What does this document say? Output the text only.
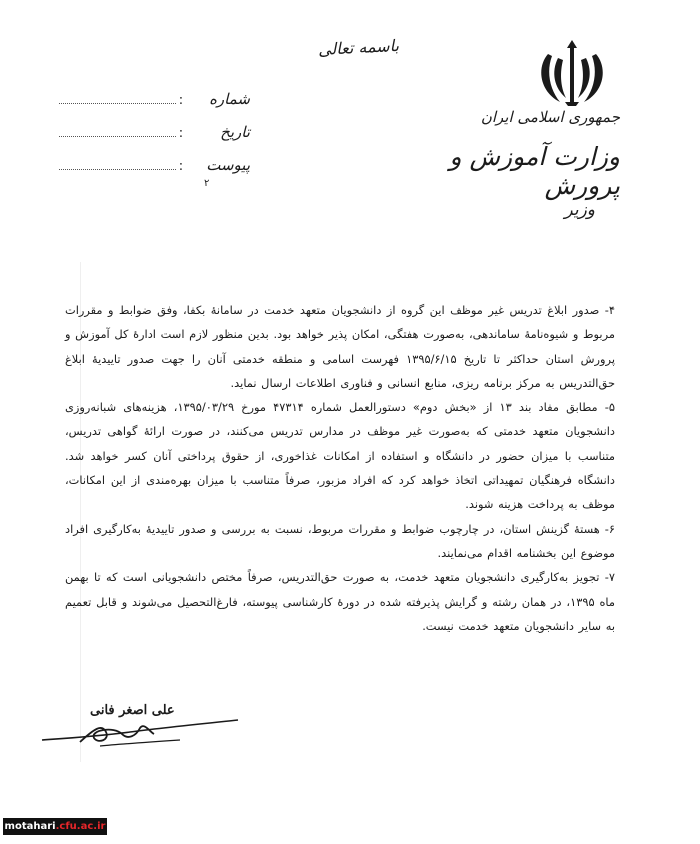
جمهوری اسلامی ایران
وزارت آموزش و پرورش
وزیر
باسمه تعالی
شماره
:
تاریخ
:
پیوست
:
۲

۴- صدور ابلاغ تدریس غیر موظف این گروه از دانشجویان متعهد خدمت در سامانهٔ بکفا، وفق ضوابط و مقررات مربوط و شیوه‌نامهٔ ساماندهی، به‌صورت هفتگی، امکان پذیر خواهد بود. بدین منظور لازم است ادارهٔ کل آموزش و پرورش استان حداکثر تا تاریخ ۱۳۹۵/۶/۱۵ فهرست اسامی و منطقه خدمتی آنان را جهت صدور تاییدیهٔ ابلاغ حق‌التدریس به مرکز برنامه ریزی، منابع انسانی و فناوری اطلاعات ارسال نماید.

۵- مطابق مفاد بند ۱۳ از «بخش دوم» دستورالعمل شماره ۴۷۳۱۴ مورخ ۱۳۹۵/۰۳/۲۹، هزینه‌های شبانه‌روزی دانشجویان متعهد خدمتی که به‌صورت غیر موظف در مدارس تدریس می‌کنند، در صورت ارائهٔ گواهی تدریس، متناسب با میزان حضور در دانشگاه و استفاده از امکانات غذاخوری، از حقوق پرداختی آنان کسر خواهد شد. دانشگاه فرهنگیان تمهیداتی اتخاذ خواهد کرد که افراد مزبور، صرفاً متناسب با میزان بهره‌مندی از این امکانات، موظف به پرداخت هزینه شوند.

۶- هستهٔ گزینش استان، در چارچوب ضوابط و مقررات مربوط، نسبت به بررسی و صدور تاییدیهٔ به‌کارگیری افراد موضوع این بخشنامه اقدام می‌نمایند.

۷- تجویز به‌کارگیری دانشجویان متعهد خدمت، به صورت حق‌التدریس، صرفاً مختص دانشجویانی است که تا بهمن ماه ۱۳۹۵، در همان رشته و گرایش پذیرفته شده در دورهٔ کارشناسی پیوسته، فارغ‌التحصیل می‌شوند و قابل تعمیم به سایر دانشجویان متعهد خدمت نیست.

علی اصغر فانی
motahari .cfu.ac.ir
